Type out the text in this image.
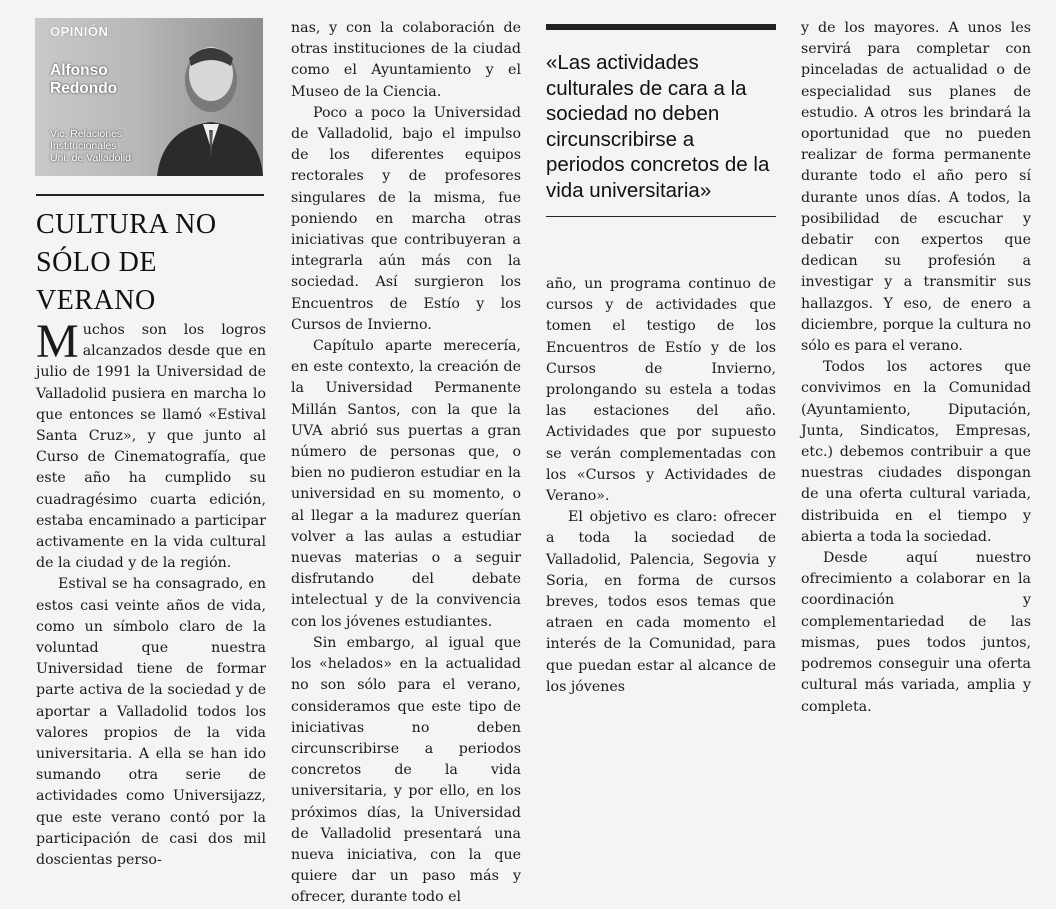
OPINIÓN
Alfonso
Redondo
Vic. Relaciones
Institucionales
Uni. de Valladolid
CULTURA NO
SÓLO DE VERANO

Muchos son los logros alcanzados desde que en julio de 1991 la Universidad de Valladolid pusiera en marcha lo que entonces se llamó «Estival Santa Cruz», y que junto al Curso de Cinematografía, que este año ha cumplido su cuadragésimo cuarta edición, estaba encaminado a participar activamente en la vida cultural de la ciudad y de la región.

Estival se ha consagrado, en estos casi veinte años de vida, como un símbolo claro de la voluntad que nuestra Universidad tiene de formar parte activa de la sociedad y de aportar a Valladolid todos los valores propios de la vida universitaria. A ella se han ido sumando otra serie de actividades como Universijazz, que este verano contó por la participación de casi dos mil doscientas perso-

nas, y con la colaboración de otras instituciones de la ciudad como el Ayuntamiento y el Museo de la Ciencia.

Poco a poco la Universidad de Valladolid, bajo el impulso de los diferentes equipos rectorales y de profesores singulares de la misma, fue poniendo en marcha otras iniciativas que contribuyeran a integrarla aún más con la sociedad. Así surgieron los Encuentros de Estío y los Cursos de Invierno.

Capítulo aparte merecería, en este contexto, la creación de la Universidad Permanente Millán Santos, con la que la UVA abrió sus puertas a gran número de personas que, o bien no pudieron estudiar en la universidad en su momento, o al llegar a la madurez querían volver a las aulas a estudiar nuevas materias o a seguir disfrutando del debate intelectual y de la convivencia con los jóvenes estudiantes.

Sin embargo, al igual que los «helados» en la actualidad no son sólo para el verano, consideramos que este tipo de iniciativas no deben circunscribirse a periodos concretos de la vida universitaria, y por ello, en los próximos días, la Universidad de Valladolid presentará una nueva iniciativa, con la que quiere dar un paso más y ofrecer, durante todo el

«Las actividades culturales de cara a la sociedad no deben circunscribirse a periodos concretos de la vida universitaria»

año, un programa continuo de cursos y de actividades que tomen el testigo de los Encuentros de Estío y de los Cursos de Invierno, prolongando su estela a todas las estaciones del año. Actividades que por supuesto se verán complementadas con los «Cursos y Actividades de Verano».

El objetivo es claro: ofrecer a toda la sociedad de Valladolid, Palencia, Segovia y Soria, en forma de cursos breves, todos esos temas que atraen en cada momento el interés de la Comunidad, para que puedan estar al alcance de los jóvenes

y de los mayores. A unos les servirá para completar con pinceladas de actualidad o de especialidad sus planes de estudio. A otros les brindará la oportunidad que no pueden realizar de forma permanente durante todo el año pero sí durante unos días. A todos, la posibilidad de escuchar y debatir con expertos que dedican su profesión a investigar y a transmitir sus hallazgos. Y eso, de enero a diciembre, porque la cultura no sólo es para el verano.

Todos los actores que convivimos en la Comunidad (Ayuntamiento, Diputación, Junta, Sindicatos, Empresas, etc.) debemos contribuir a que nuestras ciudades dispongan de una oferta cultural variada, distribuida en el tiempo y abierta a toda la sociedad.

Desde aquí nuestro ofrecimiento a colaborar en la coordinación y complementariedad de las mismas, pues todos juntos, podremos conseguir una oferta cultural más variada, amplia y completa.
